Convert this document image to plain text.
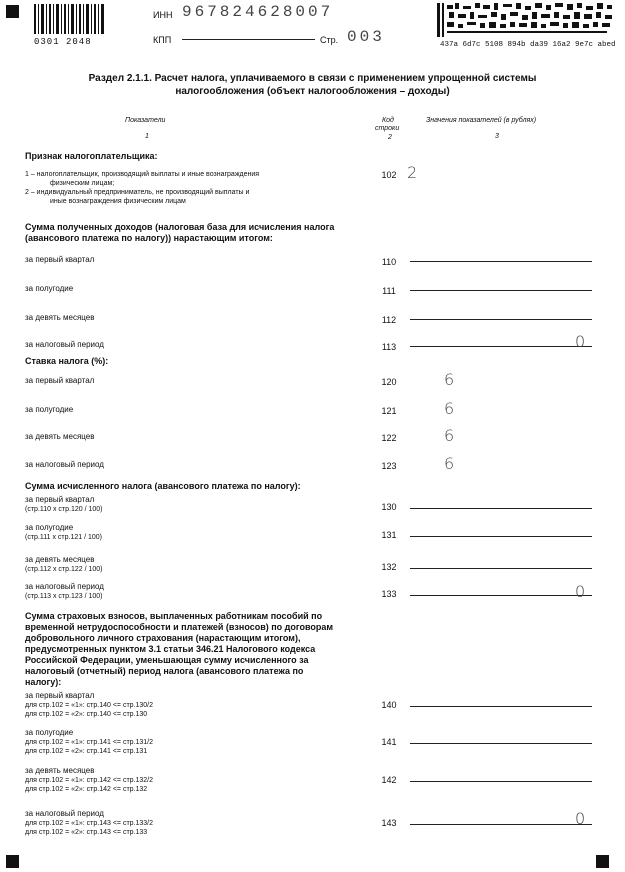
0301 2048
ИНН 967824628007
КПП	Стр. 003	437a 6d7c 5108 894b da39 16a2 9e7c abed
Раздел 2.1.1. Расчет налога, уплачиваемого в связи с применением упрощенной системы
налогообложения (объект налогообложения – доходы)
Показатели
1
Код
строки
2
Значения показателей (в рублях)
3
Признак налогоплательщика:
1 – налогоплательщик, производящий выплаты и иные вознаграждения
физическим лицам;
2 – индивидуальный предприниматель, не производящий выплаты и
иные вознаграждения физическим лицам
102 2
Сумма полученных доходов (налоговая база для исчисления налога
(авансового платежа по налогу)) нарастающим итогом:
Ставка налога (%):
Сумма исчисленного налога (авансового платежа по налогу):
Сумма страховых взносов, выплаченных работникам пособий по
временной нетрудоспособности и платежей (взносов) по договорам
добровольного личного страхования (нарастающим итогом),
предусмотренных пунктом 3.1 статьи 346.21 Налогового кодекса
Российской Федерации, уменьшающая сумму исчисленного за
налоговый (отчетный) период налога (авансового платежа по
налогу):
за первый квартал	110
за полугодие	111
за девять месяцев	112
за налоговый период	113	0
за первый квартал	120	6
за полугодие	121	6
за девять месяцев	122	6
за налоговый период	123	6
за первый квартал
(стр.110 х стр.120 / 100)	130
за полугодие
(стр.111 х стр.121 / 100)	131
за девять месяцев
(стр.112 х стр.122 / 100)	132
за налоговый период
(стр.113 х стр.123 / 100)	133	0
за первый квартал
для стр.102 = «1»: стр.140 <= стр.130/2
для стр.102 = «2»: стр.140 <= стр.130
140
за полугодие
для стр.102 = «1»: стр.141 <= стр.131/2
для стр.102 = «2»: стр.141 <= стр.131
141
за девять месяцев
для стр.102 = «1»: стр.142 <= стр.132/2
для стр.102 = «2»: стр.142 <= стр.132
142
за налоговый период
для стр.102 = «1»: стр.143 <= стр.133/2
для стр.102 = «2»: стр.143 <= стр.133
143	0
